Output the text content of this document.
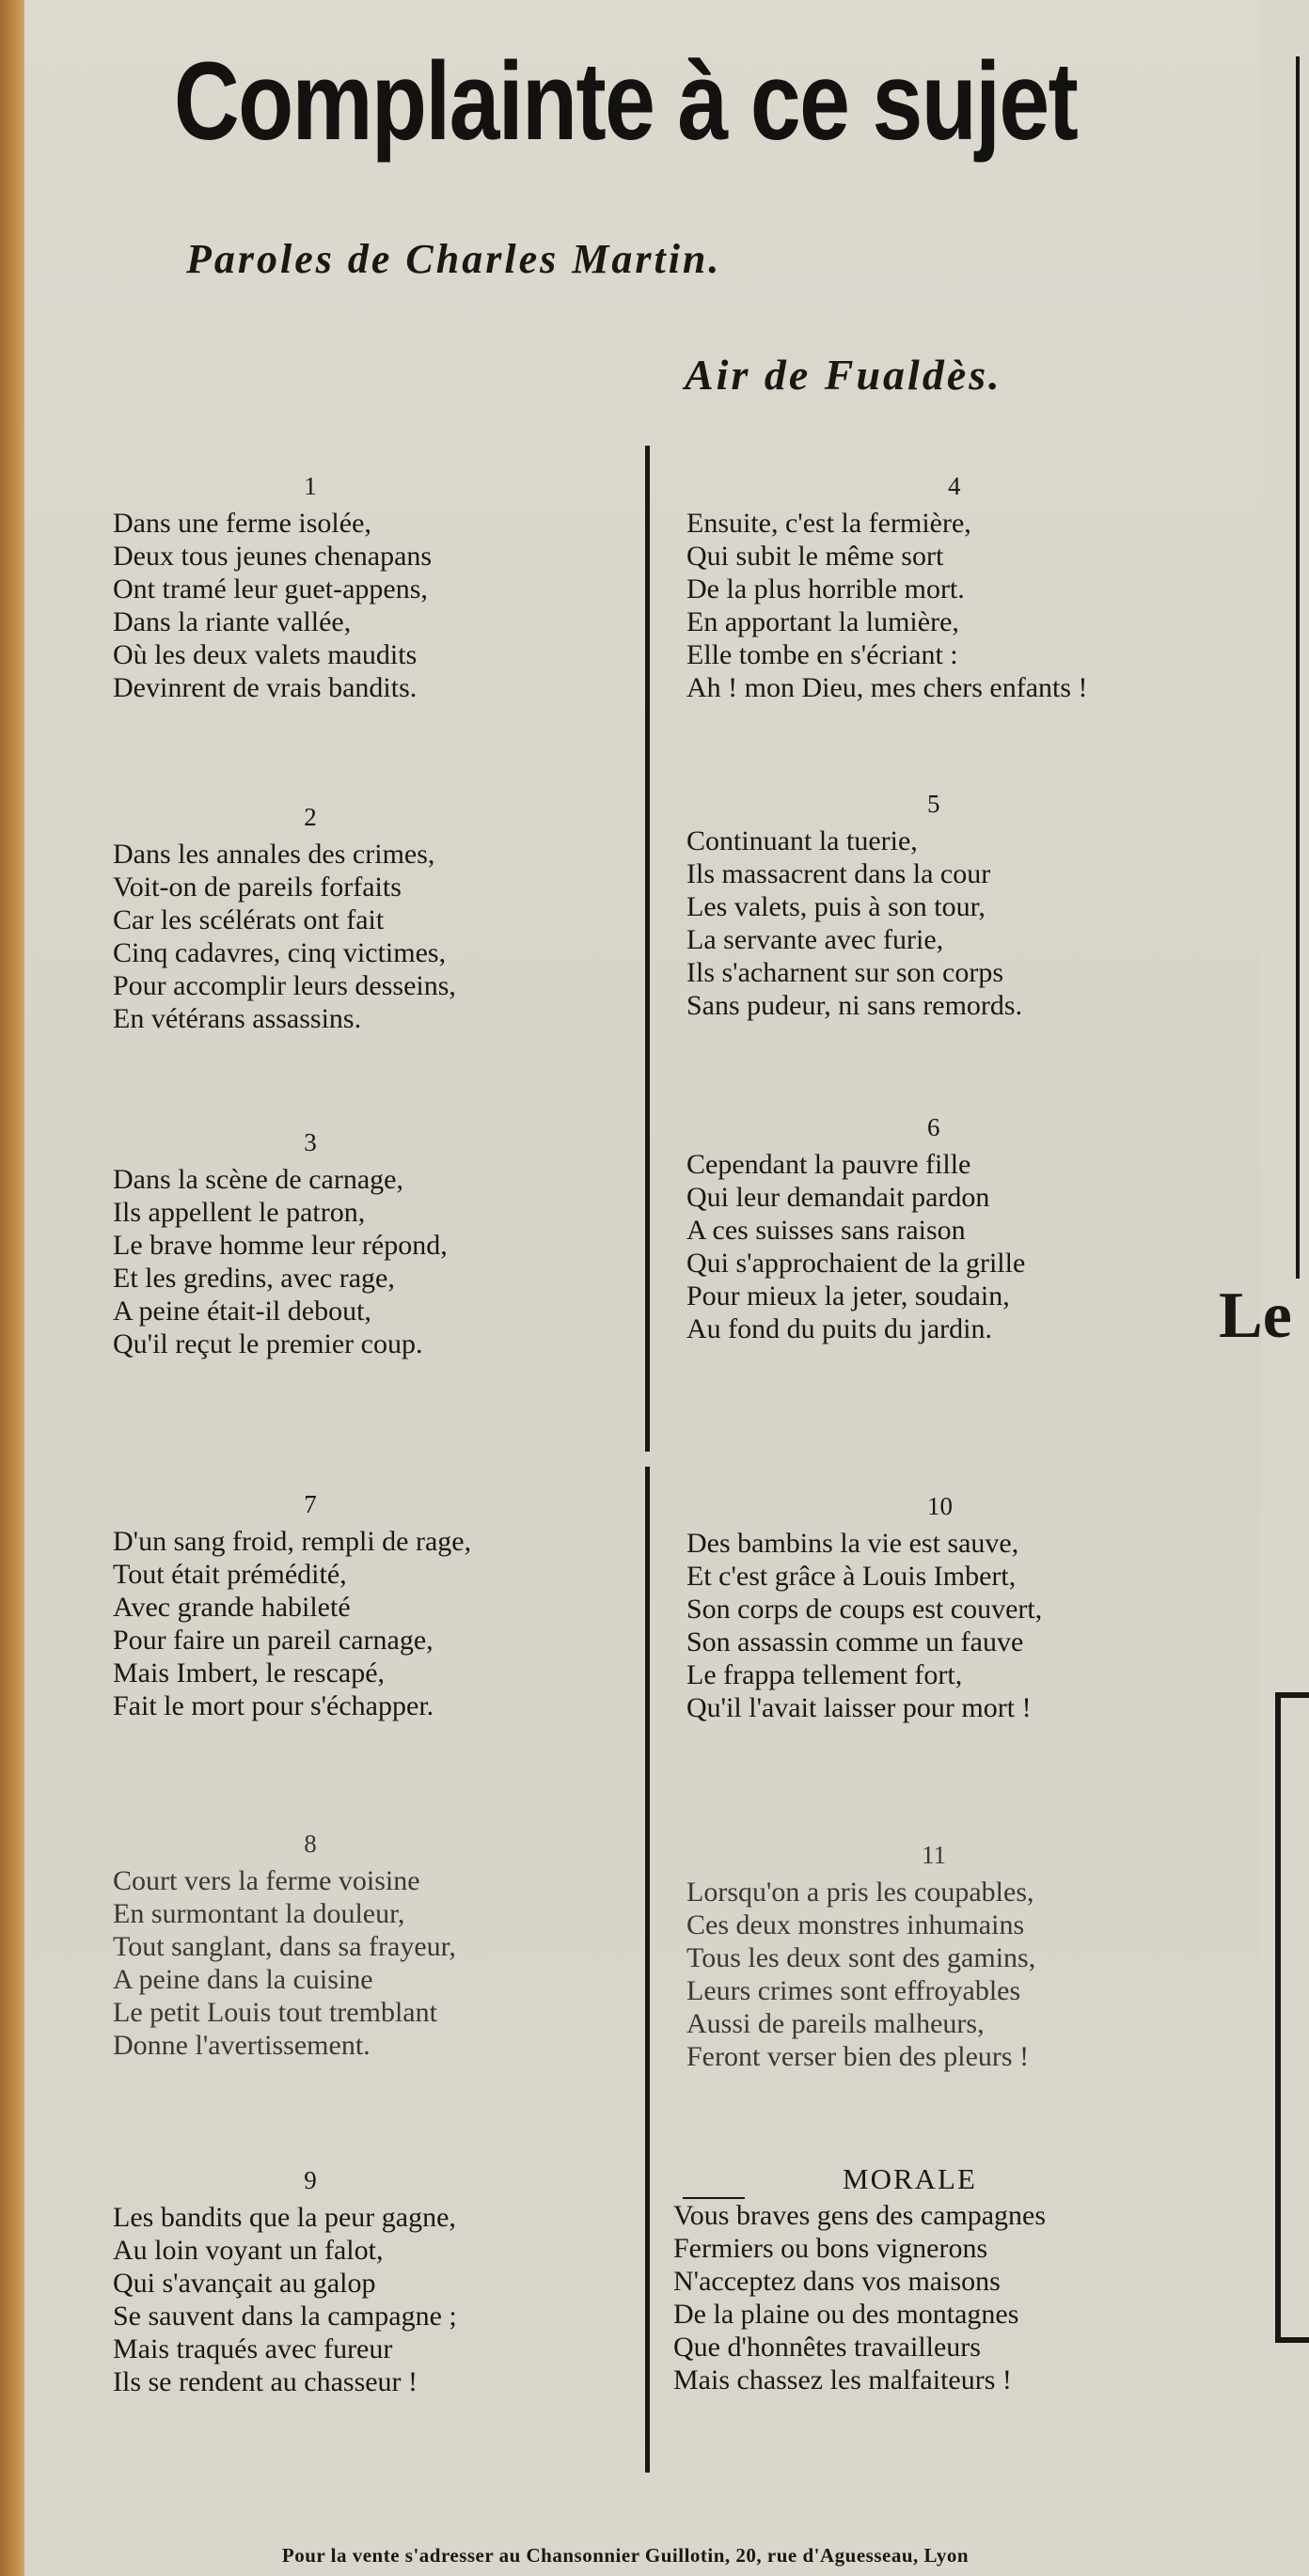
Complainte à ce sujet
Paroles de Charles Martin.
Air de Fualdès.
1
Dans une ferme isolée,
Deux tous jeunes chenapans
Ont tramé leur guet-appens,
Dans la riante vallée,
Où les deux valets maudits
Devinrent de vrais bandits.
2
Dans les annales des crimes,
Voit-on de pareils forfaits
Car les scélérats ont fait
Cinq cadavres, cinq victimes,
Pour accomplir leurs desseins,
En vétérans assassins.
3
Dans la scène de carnage,
Ils appellent le patron,
Le brave homme leur répond,
Et les gredins, avec rage,
A peine était-il debout,
Qu'il reçut le premier coup.
7
D'un sang froid, rempli de rage,
Tout était prémédité,
Avec grande habileté
Pour faire un pareil carnage,
Mais Imbert, le rescapé,
Fait le mort pour s'échapper.
8
Court vers la ferme voisine
En surmontant la douleur,
Tout sanglant, dans sa frayeur,
A peine dans la cuisine
Le petit Louis tout tremblant
Donne l'avertissement.
9
Les bandits que la peur gagne,
Au loin voyant un falot,
Qui s'avançait au galop
Se sauvent dans la campagne ;
Mais traqués avec fureur
Ils se rendent au chasseur !
4
Ensuite, c'est la fermière,
Qui subit le même sort
De la plus horrible mort.
En apportant la lumière,
Elle tombe en s'écriant :
Ah ! mon Dieu, mes chers enfants !
5
Continuant la tuerie,
Ils massacrent dans la cour
Les valets, puis à son tour,
La servante avec furie,
Ils s'acharnent sur son corps
Sans pudeur, ni sans remords.
6
Cependant la pauvre fille
Qui leur demandait pardon
A ces suisses sans raison
Qui s'approchaient de la grille
Pour mieux la jeter, soudain,
Au fond du puits du jardin.
10
Des bambins la vie est sauve,
Et c'est grâce à Louis Imbert,
Son corps de coups est couvert,
Son assassin comme un fauve
Le frappa tellement fort,
Qu'il l'avait laisser pour mort !
11
Lorsqu'on a pris les coupables,
Ces deux monstres inhumains
Tous les deux sont des gamins,
Leurs crimes sont effroyables
Aussi de pareils malheurs,
Feront verser bien des pleurs !
MORALE
Vous braves gens des campagnes
Fermiers ou bons vignerons
N'acceptez dans vos maisons
De la plaine ou des montagnes
Que d'honnêtes travailleurs
Mais chassez les malfaiteurs !
Le
Pour la vente s'adresser au Chansonnier Guillotin, 20, rue d'Aguesseau, Lyon
